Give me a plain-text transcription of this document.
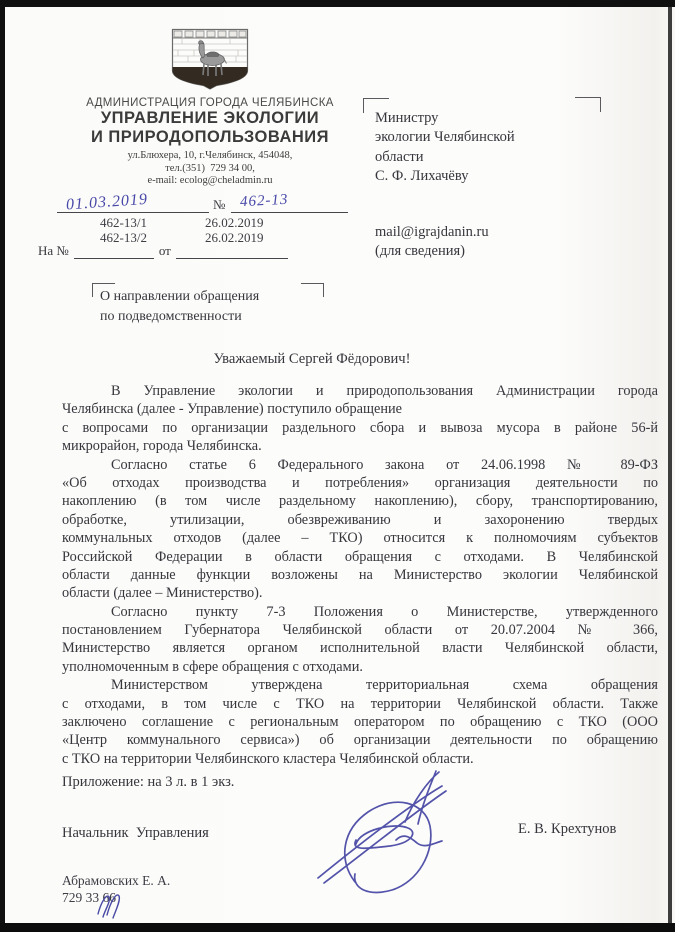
АДМИНИСТРАЦИЯ ГОРОДА ЧЕЛЯБИНСКА
УПРАВЛЕНИЕ ЭКОЛОГИИ
И ПРИРОДОПОЛЬЗОВАНИЯ
ул.Блюхера, 10, г.Челябинск, 454048,
тел.(351)  729 34 00,
e-mail: ecolog@cheladmin.ru
01.03.2019	№ 462-13
462-13/1	26.02.2019
462-13/2	26.02.2019
На №	от
Министру
экологии Челябинской
области
С. Ф. Лихачёву
mail@igrajdanin.ru
(для сведения)
О направлении обращения
по подведомственности
Уважаемый Сергей Фёдорович!
В Управление экологии и природопользования Администрации города
Челябинска (далее - Управление) поступило обращение
с вопросами по организации раздельного сбора и вывоза мусора в районе 56-й
микрорайон, города Челябинска.
Согласно статье 6 Федерального закона от 24.06.1998 № 89-ФЗ
«Об отходах производства и потребления» организация деятельности по
накоплению (в том числе раздельному накоплению), сбору, транспортированию,
обработке, утилизации, обезвреживанию и захоронению твердых
коммунальных отходов (далее – ТКО) относится к полномочиям субъектов
Российской Федерации в области обращения с отходами. В Челябинской
области данные функции возложены на Министерство экологии Челябинской
области (далее – Министерство).
Согласно пункту 7-3 Положения о Министерстве, утвержденного
постановлением Губернатора Челябинской области от 20.07.2004 № 366,
Министерство является органом исполнительной власти Челябинской области,
уполномоченным в сфере обращения с отходами.
Министерством утверждена территориальная схема обращения
с отходами, в том числе с ТКО на территории Челябинской области. Также
заключено соглашение с региональным оператором по обращению с ТКО (ООО
«Центр коммунального сервиса») об организации деятельности по обращению
с ТКО на территории Челябинского кластера Челябинской области.
Приложение: на 3 л. в 1 экз.
Начальник  Управления	Е. В. Крехтунов
Абрамовских Е. А.
729 33 66
